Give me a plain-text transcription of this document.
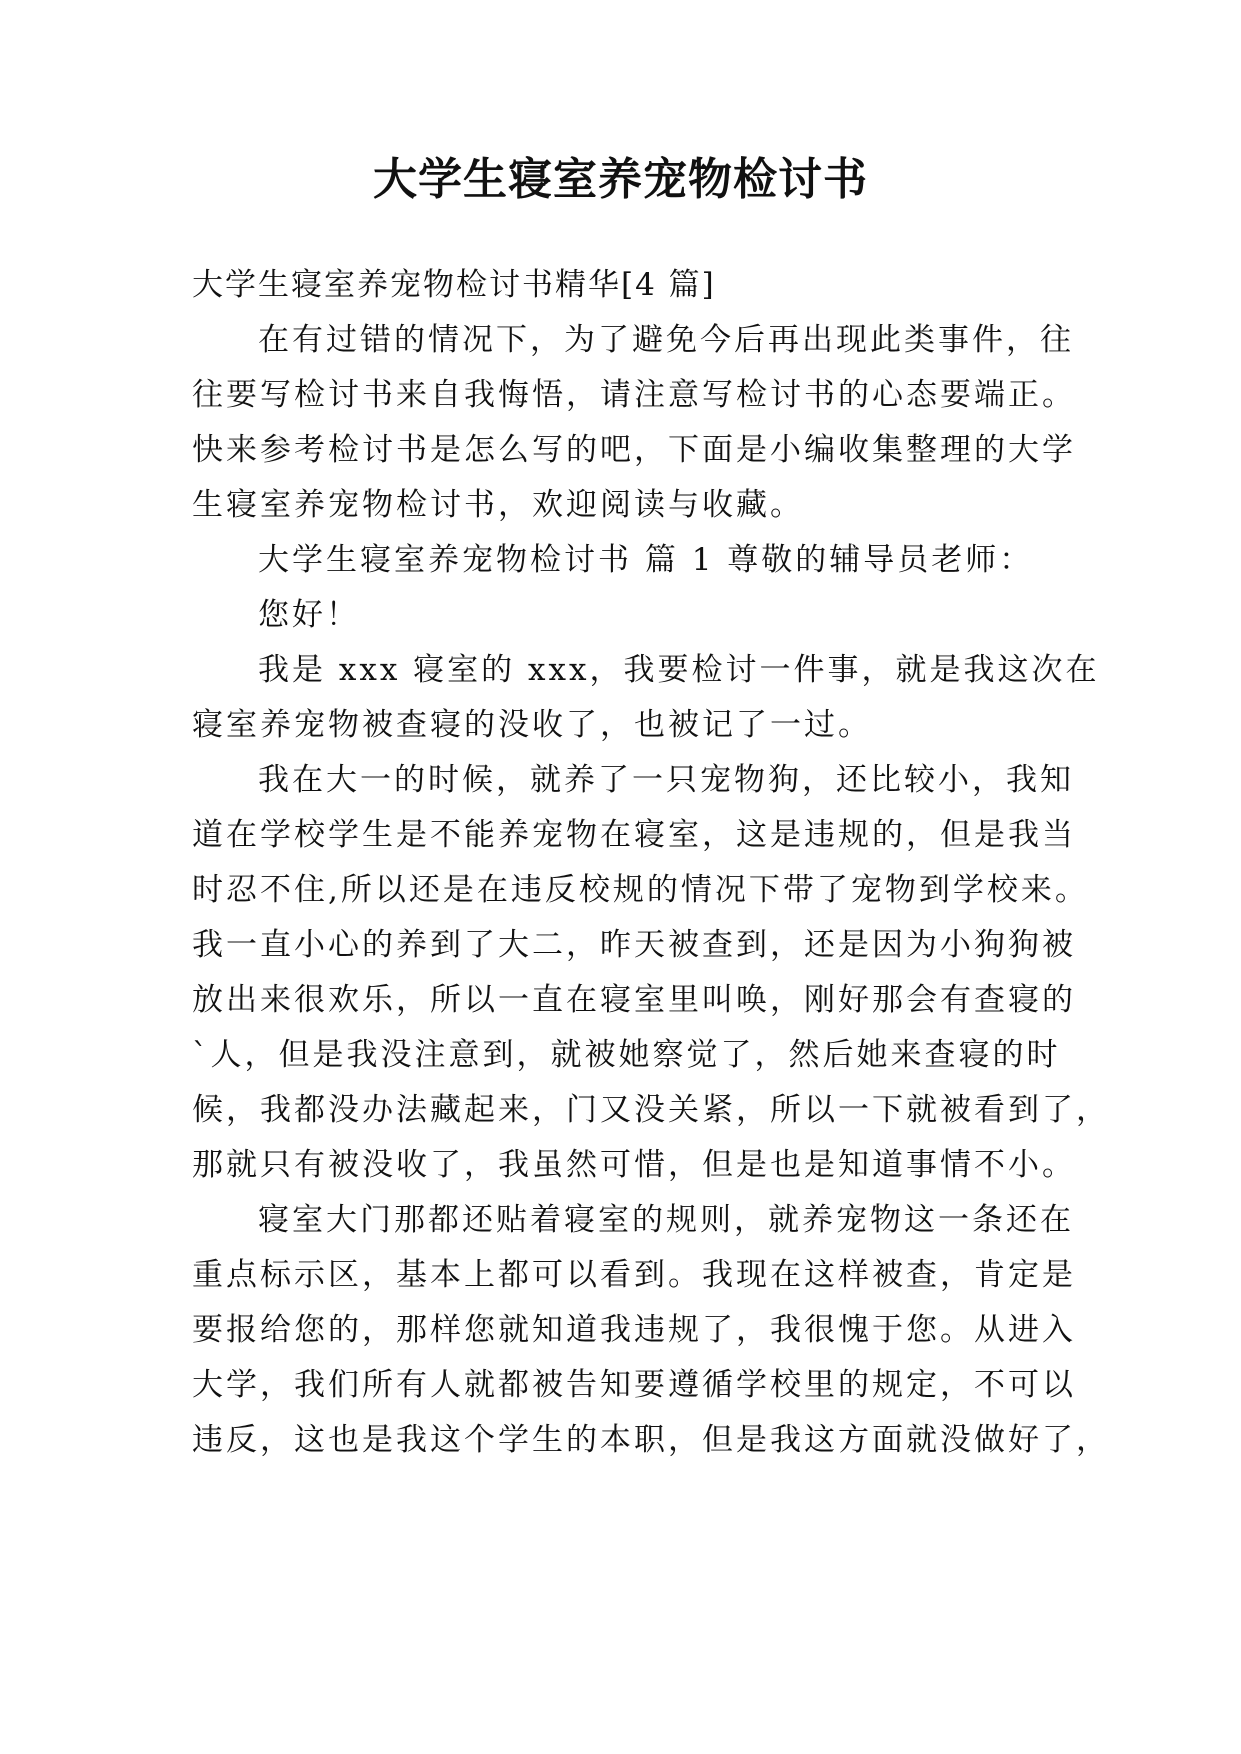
大学生寝室养宠物检讨书
大学生寝室养宠物检讨书精华[4 篇]
在有过错的情况下，为了避免今后再出现此类事件，往
往要写检讨书来自我悔悟，请注意写检讨书的心态要端正。
快来参考检讨书是怎么写的吧，下面是小编收集整理的大学
生寝室养宠物检讨书，欢迎阅读与收藏。
大学生寝室养宠物检讨书 篇 1 尊敬的辅导员老师：
您好！
我是 xxx 寝室的 xxx，我要检讨一件事，就是我这次在
寝室养宠物被查寝的没收了，也被记了一过。
我在大一的时候，就养了一只宠物狗，还比较小，我知
道在学校学生是不能养宠物在寝室，这是违规的，但是我当
时忍不住,所以还是在违反校规的情况下带了宠物到学校来。
我一直小心的养到了大二，昨天被查到，还是因为小狗狗被
放出来很欢乐，所以一直在寝室里叫唤，刚好那会有查寝的
`人，但是我没注意到，就被她察觉了，然后她来查寝的时
候，我都没办法藏起来，门又没关紧，所以一下就被看到了，
那就只有被没收了，我虽然可惜，但是也是知道事情不小。
寝室大门那都还贴着寝室的规则，就养宠物这一条还在
重点标示区，基本上都可以看到。我现在这样被查，肯定是
要报给您的，那样您就知道我违规了，我很愧于您。从进入
大学，我们所有人就都被告知要遵循学校里的规定，不可以
违反，这也是我这个学生的本职，但是我这方面就没做好了，
